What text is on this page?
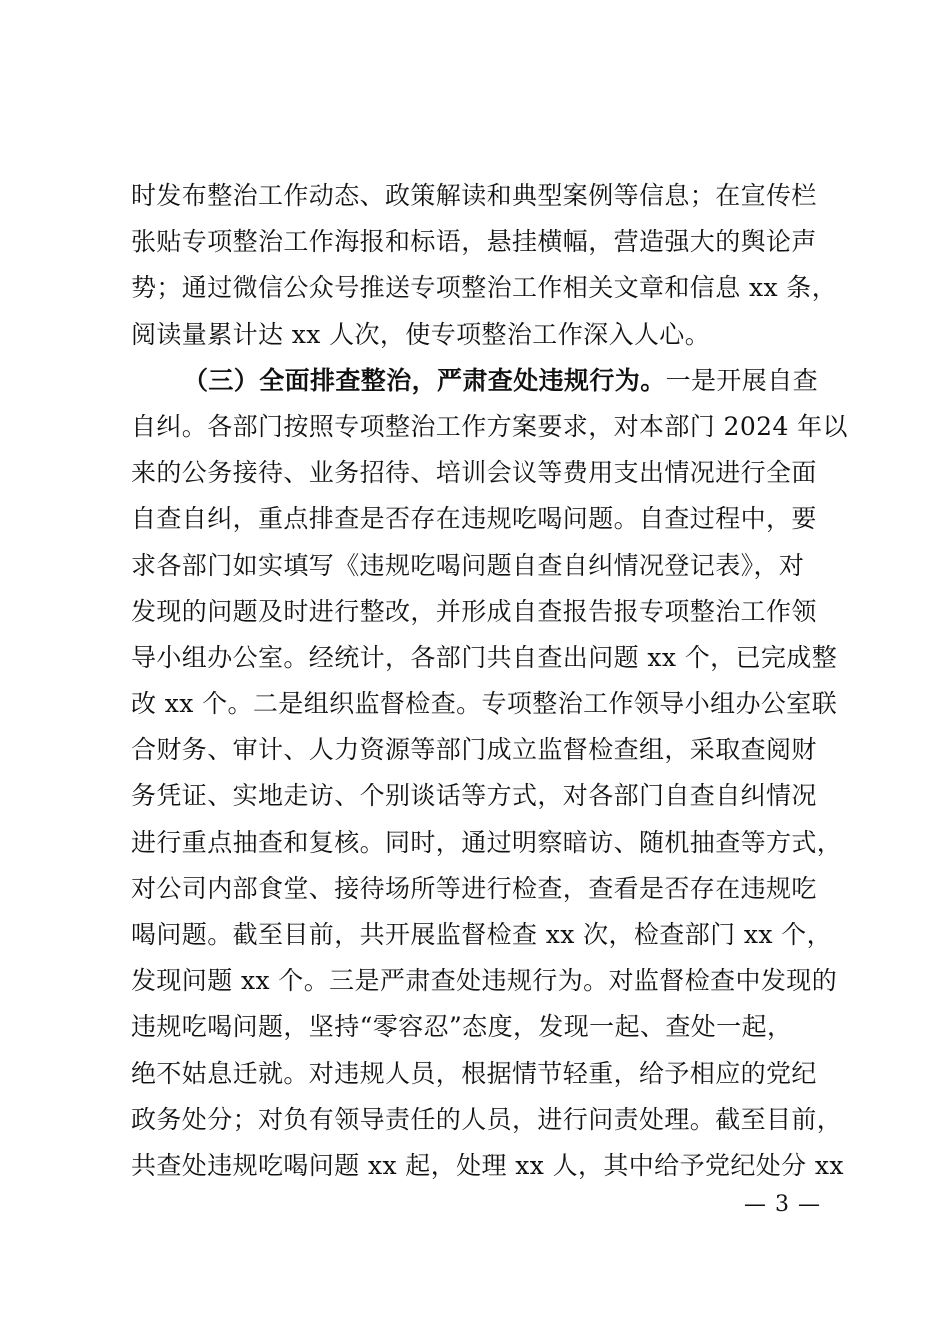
时发布整治工作动态、政策解读和典型案例等信息；在宣传栏
张贴专项整治工作海报和标语，悬挂横幅，营造强大的舆论声
势；通过微信公众号推送专项整治工作相关文章和信息 xx 条，
阅读量累计达 xx 人次，使专项整治工作深入人心。
（三）全面排查整治，严肃查处违规行为。一是开展自查
自纠。各部门按照专项整治工作方案要求，对本部门 2024 年以
来的公务接待、业务招待、培训会议等费用支出情况进行全面
自查自纠，重点排查是否存在违规吃喝问题。自查过程中，要
求各部门如实填写《违规吃喝问题自查自纠情况登记表》，对
发现的问题及时进行整改，并形成自查报告报专项整治工作领
导小组办公室。经统计，各部门共自查出问题 xx 个，已完成整
改 xx 个。二是组织监督检查。专项整治工作领导小组办公室联
合财务、审计、人力资源等部门成立监督检查组，采取查阅财
务凭证、实地走访、个别谈话等方式，对各部门自查自纠情况
进行重点抽查和复核。同时，通过明察暗访、随机抽查等方式，
对公司内部食堂、接待场所等进行检查，查看是否存在违规吃
喝问题。截至目前，共开展监督检查 xx 次，检查部门 xx 个，
发现问题 xx 个。三是严肃查处违规行为。对监督检查中发现的
违规吃喝问题，坚持“零容忍”态度，发现一起、查处一起，
绝不姑息迁就。对违规人员，根据情节轻重，给予相应的党纪
政务处分；对负有领导责任的人员，进行问责处理。截至目前，
共查处违规吃喝问题 xx 起，处理 xx 人，其中给予党纪处分 xx
— 3 —
